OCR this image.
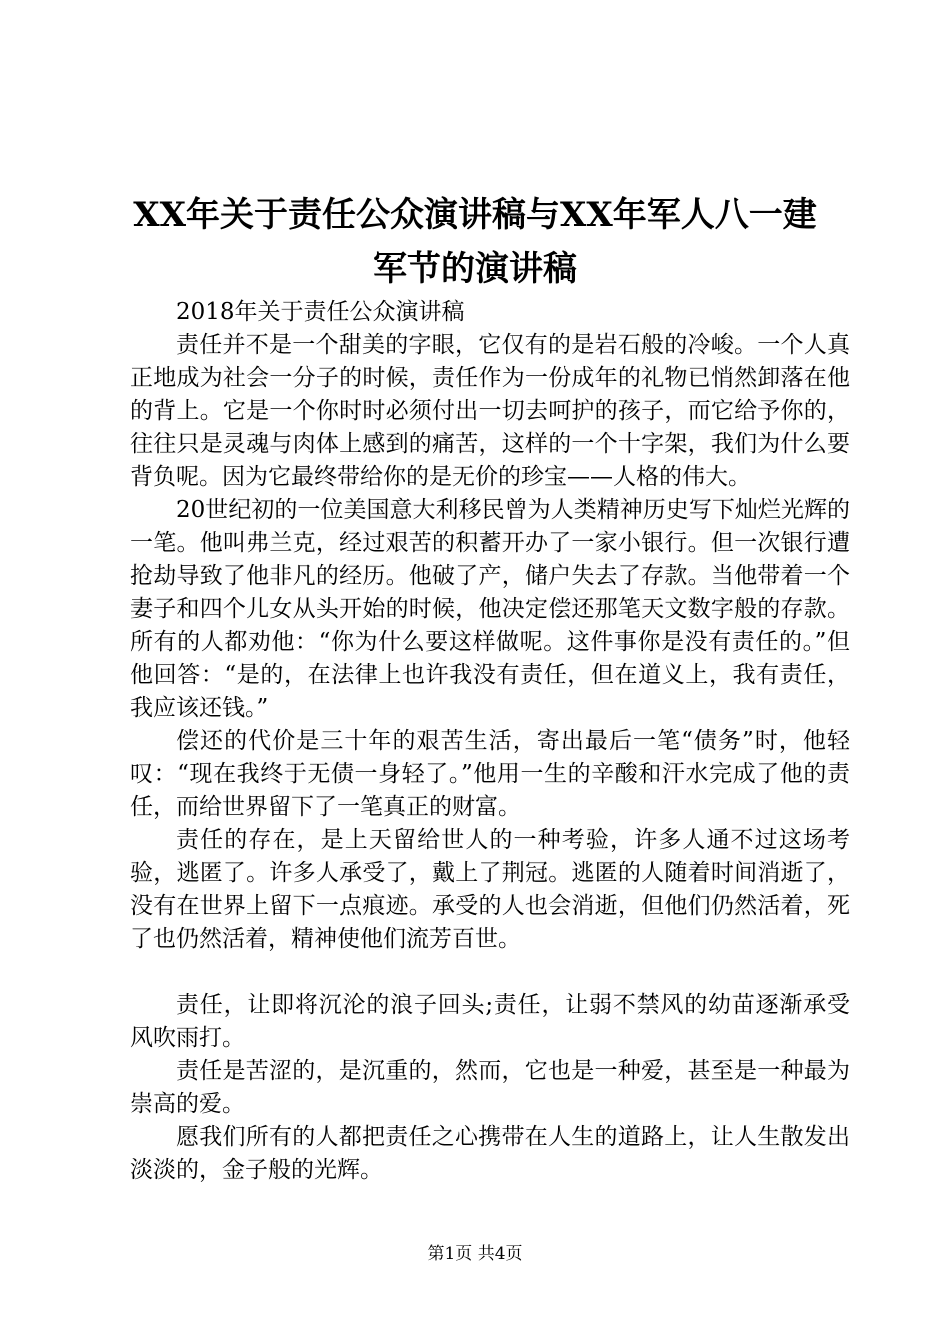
XX年关于责任公众演讲稿与XX年军人八一建军节的演讲稿

2018年关于责任公众演讲稿

责任并不是一个甜美的字眼，它仅有的是岩石般的冷峻。一个人真正地成为社会一分子的时候，责任作为一份成年的礼物已悄然卸落在他的背上。它是一个你时时必须付出一切去呵护的孩子，而它给予你的，往往只是灵魂与肉体上感到的痛苦，这样的一个十字架，我们为什么要背负呢。因为它最终带给你的是无价的珍宝——人格的伟大。

20世纪初的一位美国意大利移民曾为人类精神历史写下灿烂光辉的一笔。他叫弗兰克，经过艰苦的积蓄开办了一家小银行。但一次银行遭抢劫导致了他非凡的经历。他破了产，储户失去了存款。当他带着一个妻子和四个儿女从头开始的时候，他决定偿还那笔天文数字般的存款。所有的人都劝他：“你为什么要这样做呢。这件事你是没有责任的。”但他回答：“是的，在法律上也许我没有责任，但在道义上，我有责任，我应该还钱。”

偿还的代价是三十年的艰苦生活，寄出最后一笔“债务”时，他轻叹：“现在我终于无债一身轻了。”他用一生的辛酸和汗水完成了他的责任，而给世界留下了一笔真正的财富。

责任的存在，是上天留给世人的一种考验，许多人通不过这场考验，逃匿了。许多人承受了，戴上了荆冠。逃匿的人随着时间消逝了，没有在世界上留下一点痕迹。承受的人也会消逝，但他们仍然活着，死了也仍然活着，精神使他们流芳百世。

责任，让即将沉沦的浪子回头;责任，让弱不禁风的幼苗逐渐承受风吹雨打。

责任是苦涩的，是沉重的，然而，它也是一种爱，甚至是一种最为崇高的爱。

愿我们所有的人都把责任之心携带在人生的道路上，让人生散发出淡淡的，金子般的光辉。

第1页 共4页
